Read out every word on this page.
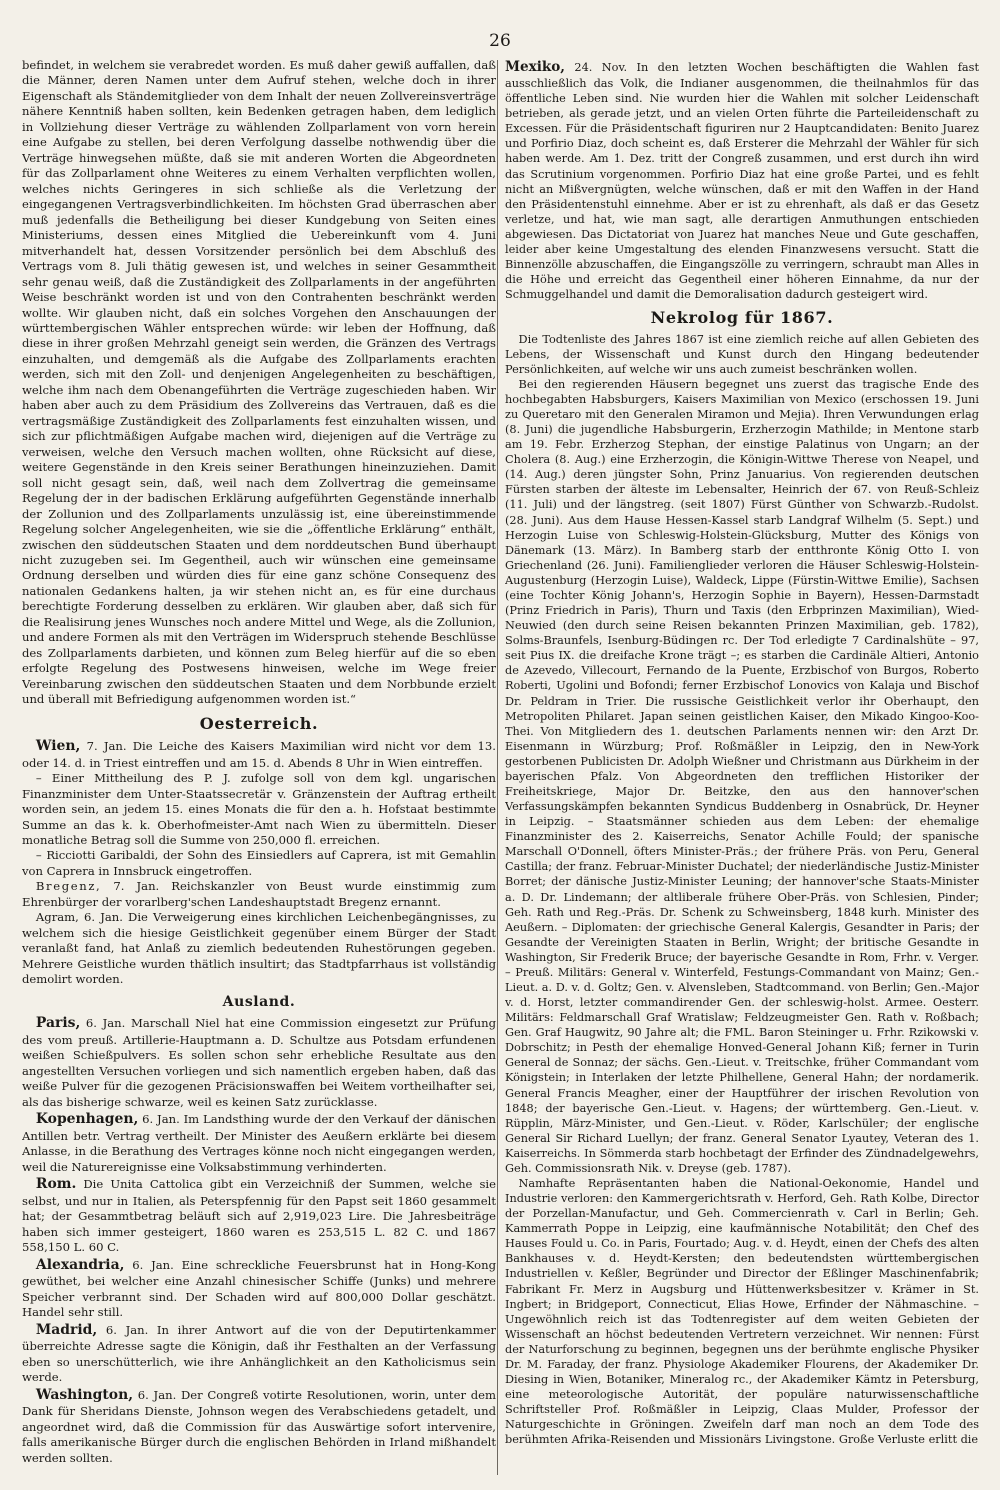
26

befindet, in welchem sie verabredet worden. Es muß daher gewiß auffallen, daß die Männer, deren Namen unter dem Aufruf stehen, welche doch in ihrer Eigenschaft als Ständemitglieder von dem Inhalt der neuen Zollvereinsverträge nähere Kenntniß haben sollten, kein Bedenken getragen haben, dem lediglich in Vollziehung dieser Verträge zu wählenden Zollparlament von vorn herein eine Aufgabe zu stellen, bei deren Verfolgung dasselbe nothwendig über die Verträge hinwegsehen müßte, daß sie mit anderen Worten die Abgeordneten für das Zollparlament ohne Weiteres zu einem Verhalten verpflichten wollen, welches nichts Geringeres in sich schließe als die Verletzung der eingegangenen Vertragsverbindlichkeiten. Im höchsten Grad überraschen aber muß jedenfalls die Betheiligung bei dieser Kundgebung von Seiten eines Ministeriums, dessen eines Mitglied die Uebereinkunft vom 4. Juni mitverhandelt hat, dessen Vorsitzender persönlich bei dem Abschluß des Vertrags vom 8. Juli thätig gewesen ist, und welches in seiner Gesammtheit sehr genau weiß, daß die Zuständigkeit des Zollparlaments in der angeführten Weise beschränkt worden ist und von den Contrahenten beschränkt werden wollte. Wir glauben nicht, daß ein solches Vorgehen den Anschauungen der württembergischen Wähler entsprechen würde: wir leben der Hoffnung, daß diese in ihrer großen Mehrzahl geneigt sein werden, die Gränzen des Vertrags einzuhalten, und demgemäß als die Aufgabe des Zollparlaments erachten werden, sich mit den Zoll- und denjenigen Angelegenheiten zu beschäftigen, welche ihm nach dem Obenangeführten die Verträge zugeschieden haben. Wir haben aber auch zu dem Präsidium des Zollvereins das Vertrauen, daß es die vertragsmäßige Zuständigkeit des Zollparlaments fest einzuhalten wissen, und sich zur pflichtmäßigen Aufgabe machen wird, diejenigen auf die Verträge zu verweisen, welche den Versuch machen wollten, ohne Rücksicht auf diese, weitere Gegenstände in den Kreis seiner Berathungen hineinzuziehen. Damit soll nicht gesagt sein, daß, weil nach dem Zollvertrag die gemeinsame Regelung der in der badischen Erklärung aufgeführten Gegenstände innerhalb der Zollunion und des Zollparlaments unzulässig ist, eine übereinstimmende Regelung solcher Angelegenheiten, wie sie die „öffentliche Erklärung“ enthält, zwischen den süddeutschen Staaten und dem norddeutschen Bund überhaupt nicht zuzugeben sei. Im Gegentheil, auch wir wünschen eine gemeinsame Ordnung derselben und würden dies für eine ganz schöne Consequenz des nationalen Gedankens halten, ja wir stehen nicht an, es für eine durchaus berechtigte Forderung desselben zu erklären. Wir glauben aber, daß sich für die Realisirung jenes Wunsches noch andere Mittel und Wege, als die Zollunion, und andere Formen als mit den Verträgen im Widerspruch stehende Beschlüsse des Zollparlaments darbieten, und können zum Beleg hierfür auf die so eben erfolgte Regelung des Postwesens hinweisen, welche im Wege freier Vereinbarung zwischen den süddeutschen Staaten und dem Norbbunde erzielt und überall mit Befriedigung aufgenommen worden ist.“

Oesterreich.

Wien, 7. Jan. Die Leiche des Kaisers Maximilian wird nicht vor dem 13. oder 14. d. in Triest eintreffen und am 15. d. Abends 8 Uhr in Wien eintreffen.

– Einer Mittheilung des P. J. zufolge soll von dem kgl. ungarischen Finanzminister dem Unter-Staatssecretär v. Gränzenstein der Auftrag ertheilt worden sein, an jedem 15. eines Monats die für den a. h. Hofstaat bestimmte Summe an das k. k. Oberhofmeister-Amt nach Wien zu übermitteln. Dieser monatliche Betrag soll die Summe von 250,000 fl. erreichen.

– Ricciotti Garibaldi, der Sohn des Einsiedlers auf Caprera, ist mit Gemahlin von Caprera in Innsbruck eingetroffen.

Bregenz, 7. Jan. Reichskanzler von Beust wurde einstimmig zum Ehrenbürger der vorarlberg'schen Landeshauptstadt Bregenz ernannt.

Agram, 6. Jan. Die Verweigerung eines kirchlichen Leichenbegängnisses, zu welchem sich die hiesige Geistlichkeit gegenüber einem Bürger der Stadt veranlaßt fand, hat Anlaß zu ziemlich bedeutenden Ruhestörungen gegeben. Mehrere Geistliche wurden thätlich insultirt; das Stadtpfarrhaus ist vollständig demolirt worden.

Ausland.

Paris, 6. Jan. Marschall Niel hat eine Commission eingesetzt zur Prüfung des vom preuß. Artillerie-Hauptmann a. D. Schultze aus Potsdam erfundenen weißen Schießpulvers. Es sollen schon sehr erhebliche Resultate aus den angestellten Versuchen vorliegen und sich namentlich ergeben haben, daß das weiße Pulver für die gezogenen Präcisionswaffen bei Weitem vortheilhafter sei, als das bisherige schwarze, weil es keinen Satz zurücklasse.

Kopenhagen, 6. Jan. Im Landsthing wurde der den Verkauf der dänischen Antillen betr. Vertrag vertheilt. Der Minister des Aeußern erklärte bei diesem Anlasse, in die Berathung des Vertrages könne noch nicht eingegangen werden, weil die Naturereignisse eine Volksabstimmung verhinderten.

Rom. Die Unita Cattolica gibt ein Verzeichniß der Summen, welche sie selbst, und nur in Italien, als Peterspfennig für den Papst seit 1860 gesammelt hat; der Gesammtbetrag beläuft sich auf 2,919,023 Lire. Die Jahresbeiträge haben sich immer gesteigert, 1860 waren es 253,515 L. 82 C. und 1867 558,150 L. 60 C.

Alexandria, 6. Jan. Eine schreckliche Feuersbrunst hat in Hong-Kong gewüthet, bei welcher eine Anzahl chinesischer Schiffe (Junks) und mehrere Speicher verbrannt sind. Der Schaden wird auf 800,000 Dollar geschätzt. Handel sehr still.

Madrid, 6. Jan. In ihrer Antwort auf die von der Deputirtenkammer überreichte Adresse sagte die Königin, daß ihr Festhalten an der Verfassung eben so unerschütterlich, wie ihre Anhänglichkeit an den Katholicismus sein werde.

Washington, 6. Jan. Der Congreß votirte Resolutionen, worin, unter dem Dank für Sheridans Dienste, Johnson wegen des Verabschiedens getadelt, und angeordnet wird, daß die Commission für das Auswärtige sofort intervenire, falls amerikanische Bürger durch die englischen Behörden in Irland mißhandelt werden sollten.

Mexiko, 24. Nov. In den letzten Wochen beschäftigten die Wahlen fast ausschließlich das Volk, die Indianer ausgenommen, die theilnahmlos für das öffentliche Leben sind. Nie wurden hier die Wahlen mit solcher Leidenschaft betrieben, als gerade jetzt, und an vielen Orten führte die Parteileidenschaft zu Excessen. Für die Präsidentschaft figuriren nur 2 Hauptcandidaten: Benito Juarez und Porfirio Diaz, doch scheint es, daß Ersterer die Mehrzahl der Wähler für sich haben werde. Am 1. Dez. tritt der Congreß zusammen, und erst durch ihn wird das Scrutinium vorgenommen. Porfirio Diaz hat eine große Partei, und es fehlt nicht an Mißvergnügten, welche wünschen, daß er mit den Waffen in der Hand den Präsidentenstuhl einnehme. Aber er ist zu ehrenhaft, als daß er das Gesetz verletze, und hat, wie man sagt, alle derartigen Anmuthungen entschieden abgewiesen. Das Dictatoriat von Juarez hat manches Neue und Gute geschaffen, leider aber keine Umgestaltung des elenden Finanzwesens versucht. Statt die Binnenzölle abzuschaffen, die Eingangszölle zu verringern, schraubt man Alles in die Höhe und erreicht das Gegentheil einer höheren Einnahme, da nur der Schmuggelhandel und damit die Demoralisation dadurch gesteigert wird.

Nekrolog für 1867.

Die Todtenliste des Jahres 1867 ist eine ziemlich reiche auf allen Gebieten des Lebens, der Wissenschaft und Kunst durch den Hingang bedeutender Persönlichkeiten, auf welche wir uns auch zumeist beschränken wollen.

Bei den regierenden Häusern begegnet uns zuerst das tragische Ende des hochbegabten Habsburgers, Kaisers Maximilian von Mexico (erschossen 19. Juni zu Queretaro mit den Generalen Miramon und Mejia). Ihren Verwundungen erlag (8. Juni) die jugendliche Habsburgerin, Erzherzogin Mathilde; in Mentone starb am 19. Febr. Erzherzog Stephan, der einstige Palatinus von Ungarn; an der Cholera (8. Aug.) eine Erzherzogin, die Königin-Wittwe Therese von Neapel, und (14. Aug.) deren jüngster Sohn, Prinz Januarius. Von regierenden deutschen Fürsten starben der älteste im Lebensalter, Heinrich der 67. von Reuß-Schleiz (11. Juli) und der längstreg. (seit 1807) Fürst Günther von Schwarzb.-Rudolst. (28. Juni). Aus dem Hause Hessen-Kassel starb Landgraf Wilhelm (5. Sept.) und Herzogin Luise von Schleswig-Holstein-Glücksburg, Mutter des Königs von Dänemark (13. März). In Bamberg starb der entthronte König Otto I. von Griechenland (26. Juni). Familienglieder verloren die Häuser Schleswig-Holstein-Augustenburg (Herzogin Luise), Waldeck, Lippe (Fürstin-Wittwe Emilie), Sachsen (eine Tochter König Johann's, Herzogin Sophie in Bayern), Hessen-Darmstadt (Prinz Friedrich in Paris), Thurn und Taxis (den Erbprinzen Maximilian), Wied-Neuwied (den durch seine Reisen bekannten Prinzen Maximilian, geb. 1782), Solms-Braunfels, Isenburg-Büdingen rc. Der Tod erledigte 7 Cardinalshüte – 97, seit Pius IX. die dreifache Krone trägt –; es starben die Cardinäle Altieri, Antonio de Azevedo, Villecourt, Fernando de la Puente, Erzbischof von Burgos, Roberto Roberti, Ugolini und Bofondi; ferner Erzbischof Lonovics von Kalaja und Bischof Dr. Peldram in Trier. Die russische Geistlichkeit verlor ihr Oberhaupt, den Metropoliten Philaret. Japan seinen geistlichen Kaiser, den Mikado Kingoo-Koo-Thei. Von Mitgliedern des 1. deutschen Parlaments nennen wir: den Arzt Dr. Eisenmann in Würzburg; Prof. Roßmäßler in Leipzig, den in New-York gestorbenen Publicisten Dr. Adolph Wießner und Christmann aus Dürkheim in der bayerischen Pfalz. Von Abgeordneten den trefflichen Historiker der Freiheitskriege, Major Dr. Beitzke, den aus den hannover'schen Verfassungskämpfen bekannten Syndicus Buddenberg in Osnabrück, Dr. Heyner in Leipzig. – Staatsmänner schieden aus dem Leben: der ehemalige Finanzminister des 2. Kaiserreichs, Senator Achille Fould; der spanische Marschall O'Donnell, öfters Minister-Präs.; der frühere Präs. von Peru, General Castilla; der franz. Februar-Minister Duchatel; der niederländische Justiz-Minister Borret; der dänische Justiz-Minister Leuning; der hannover'sche Staats-Minister a. D. Dr. Lindemann; der altliberale frühere Ober-Präs. von Schlesien, Pinder; Geh. Rath und Reg.-Präs. Dr. Schenk zu Schweinsberg, 1848 kurh. Minister des Aeußern. – Diplomaten: der griechische General Kalergis, Gesandter in Paris; der Gesandte der Vereinigten Staaten in Berlin, Wright; der britische Gesandte in Washington, Sir Frederik Bruce; der bayerische Gesandte in Rom, Frhr. v. Verger. – Preuß. Militärs: General v. Winterfeld, Festungs-Commandant von Mainz; Gen.-Lieut. a. D. v. d. Goltz; Gen. v. Alvensleben, Stadtcommand. von Berlin; Gen.-Major v. d. Horst, letzter commandirender Gen. der schleswig-holst. Armee. Oesterr. Militärs: Feldmarschall Graf Wratislaw; Feldzeugmeister Gen. Rath v. Roßbach; Gen. Graf Haugwitz, 90 Jahre alt; die FML. Baron Steininger u. Frhr. Rzikowski v. Dobrschitz; in Pesth der ehemalige Honved-General Johann Kiß; ferner in Turin General de Sonnaz; der sächs. Gen.-Lieut. v. Treitschke, früher Commandant vom Königstein; in Interlaken der letzte Philhellene, General Hahn; der nordamerik. General Francis Meagher, einer der Hauptführer der irischen Revolution von 1848; der bayerische Gen.-Lieut. v. Hagens; der württemberg. Gen.-Lieut. v. Rüpplin, März-Minister, und Gen.-Lieut. v. Röder, Karlschüler; der englische General Sir Richard Luellyn; der franz. General Senator Lyautey, Veteran des 1. Kaiserreichs. In Sömmerda starb hochbetagt der Erfinder des Zündnadelgewehrs, Geh. Commissionsrath Nik. v. Dreyse (geb. 1787).

Namhafte Repräsentanten haben die National-Oekonomie, Handel und Industrie verloren: den Kammergerichtsrath v. Herford, Geh. Rath Kolbe, Director der Porzellan-Manufactur, und Geh. Commercienrath v. Carl in Berlin; Geh. Kammerrath Poppe in Leipzig, eine kaufmännische Notabilität; den Chef des Hauses Fould u. Co. in Paris, Fourtado; Aug. v. d. Heydt, einen der Chefs des alten Bankhauses v. d. Heydt-Kersten; den bedeutendsten württembergischen Industriellen v. Keßler, Begründer und Director der Eßlinger Maschinenfabrik; Fabrikant Fr. Merz in Augsburg und Hüttenwerksbesitzer v. Krämer in St. Ingbert; in Bridgeport, Connecticut, Elias Howe, Erfinder der Nähmaschine. – Ungewöhnlich reich ist das Todtenregister auf dem weiten Gebieten der Wissenschaft an höchst bedeutenden Vertretern verzeichnet. Wir nennen: Fürst der Naturforschung zu beginnen, begegnen uns der berühmte englische Physiker Dr. M. Faraday, der franz. Physiologe Akademiker Flourens, der Akademiker Dr. Diesing in Wien, Botaniker, Mineralog rc., der Akademiker Kämtz in Petersburg, eine meteorologische Autorität, der populäre naturwissenschaftliche Schriftsteller Prof. Roßmäßler in Leipzig, Claas Mulder, Professor der Naturgeschichte in Gröningen. Zweifeln darf man noch an dem Tode des berühmten Afrika-Reisenden und Missionärs Livingstone. Große Verluste erlitt die
